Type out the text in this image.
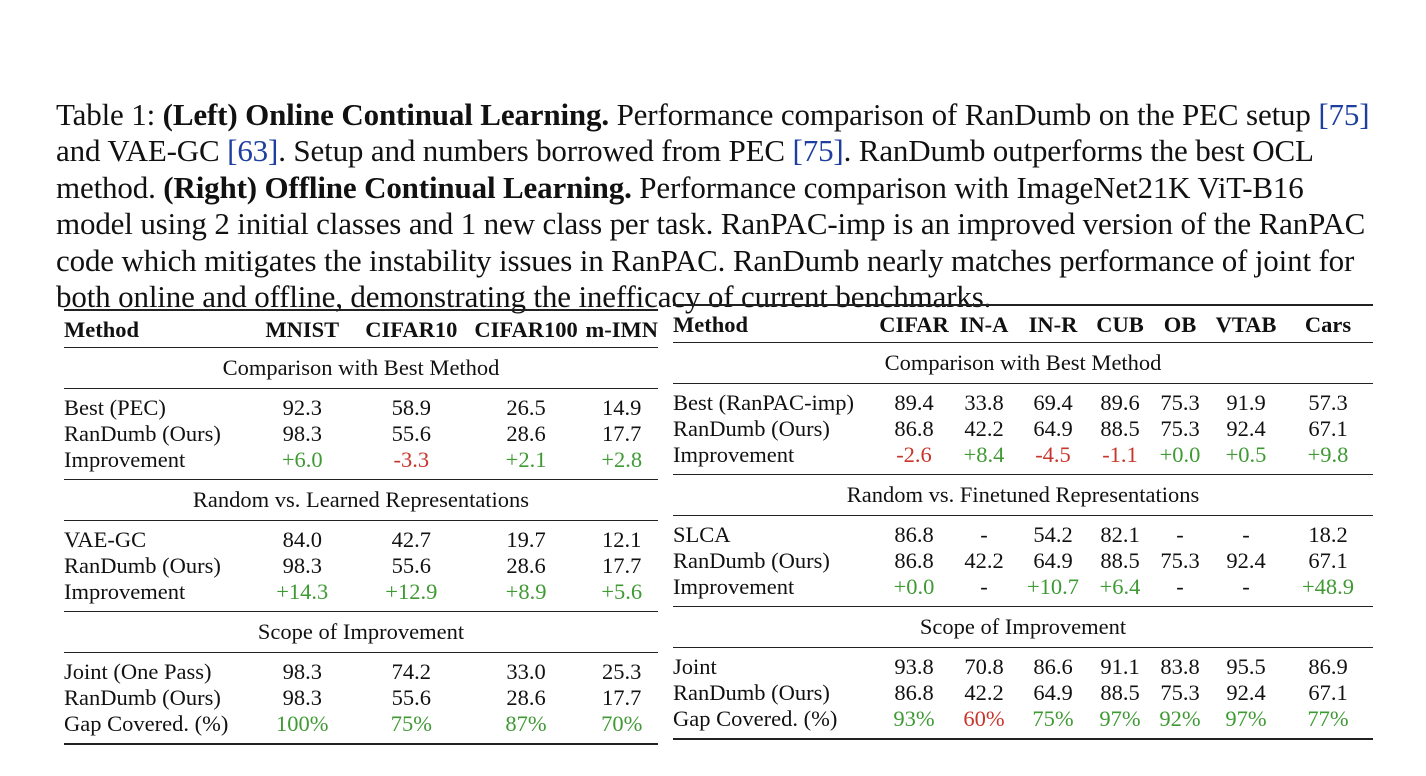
Table 1: (Left) Online Continual Learning. Performance comparison of RanDumb on the PEC setup [75] and VAE-GC [63]. Setup and numbers borrowed from PEC [75]. RanDumb outperforms the best OCL method. (Right) Offline Continual Learning. Performance comparison with ImageNet21K ViT-B16 model using 2 initial classes and 1 new class per task. RanPAC-imp is an improved version of the RanPAC code which mitigates the instability issues in RanPAC. RanDumb nearly matches performance of joint for both online and offline, demonstrating the inefficacy of current benchmarks.

Method	MNIST	CIFAR10	CIFAR100	m-IMN
Comparison with Best Method				
Best (PEC)	92.3	58.9	26.5	14.9
RanDumb (Ours)	98.3	55.6	28.6	17.7
Improvement	+6.0	-3.3	+2.1	+2.8
Random vs. Learned Representations				
VAE-GC	84.0	42.7	19.7	12.1
RanDumb (Ours)	98.3	55.6	28.6	17.7
Improvement	+14.3	+12.9	+8.9	+5.6
Scope of Improvement				
Joint (One Pass)	98.3	74.2	33.0	25.3
RanDumb (Ours)	98.3	55.6	28.6	17.7
Gap Covered. (%)	100%	75%	87%	70%
Method	CIFAR	IN-A	IN-R	CUB	OB	VTAB	Cars
Comparison with Best Method							
Best (RanPAC-imp)	89.4	33.8	69.4	89.6	75.3	91.9	57.3
RanDumb (Ours)	86.8	42.2	64.9	88.5	75.3	92.4	67.1
Improvement	-2.6	+8.4	-4.5	-1.1	+0.0	+0.5	+9.8
Random vs. Finetuned Representations							
SLCA	86.8	-	54.2	82.1	-	-	18.2
RanDumb (Ours)	86.8	42.2	64.9	88.5	75.3	92.4	67.1
Improvement	+0.0	-	+10.7	+6.4	-	-	+48.9
Scope of Improvement							
Joint	93.8	70.8	86.6	91.1	83.8	95.5	86.9
RanDumb (Ours)	86.8	42.2	64.9	88.5	75.3	92.4	67.1
Gap Covered. (%)	93%	60%	75%	97%	92%	97%	77%
